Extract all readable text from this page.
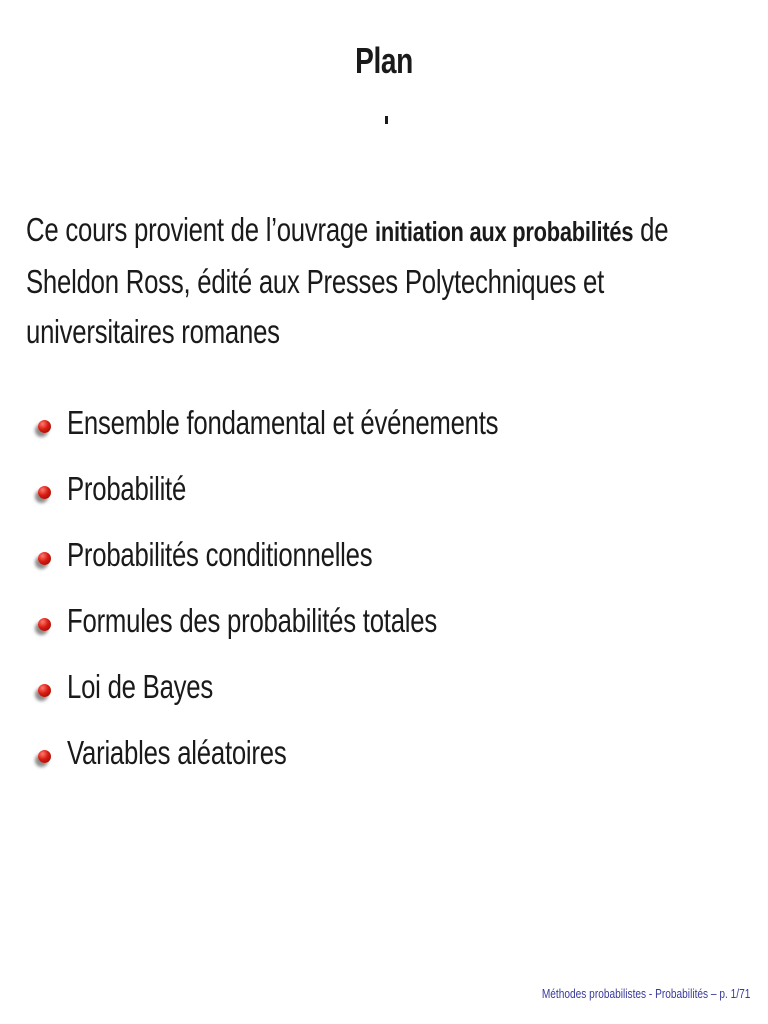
Plan
Ce cours provient de l’ouvrage initiation aux probabilités de
Sheldon Ross, édité aux Presses Polytechniques et
universitaires romanes
Ensemble fondamental et événements
Probabilité
Probabilités conditionnelles
Formules des probabilités totales
Loi de Bayes
Variables aléatoires
Méthodes probabilistes - Probabilités – p. 1/71
